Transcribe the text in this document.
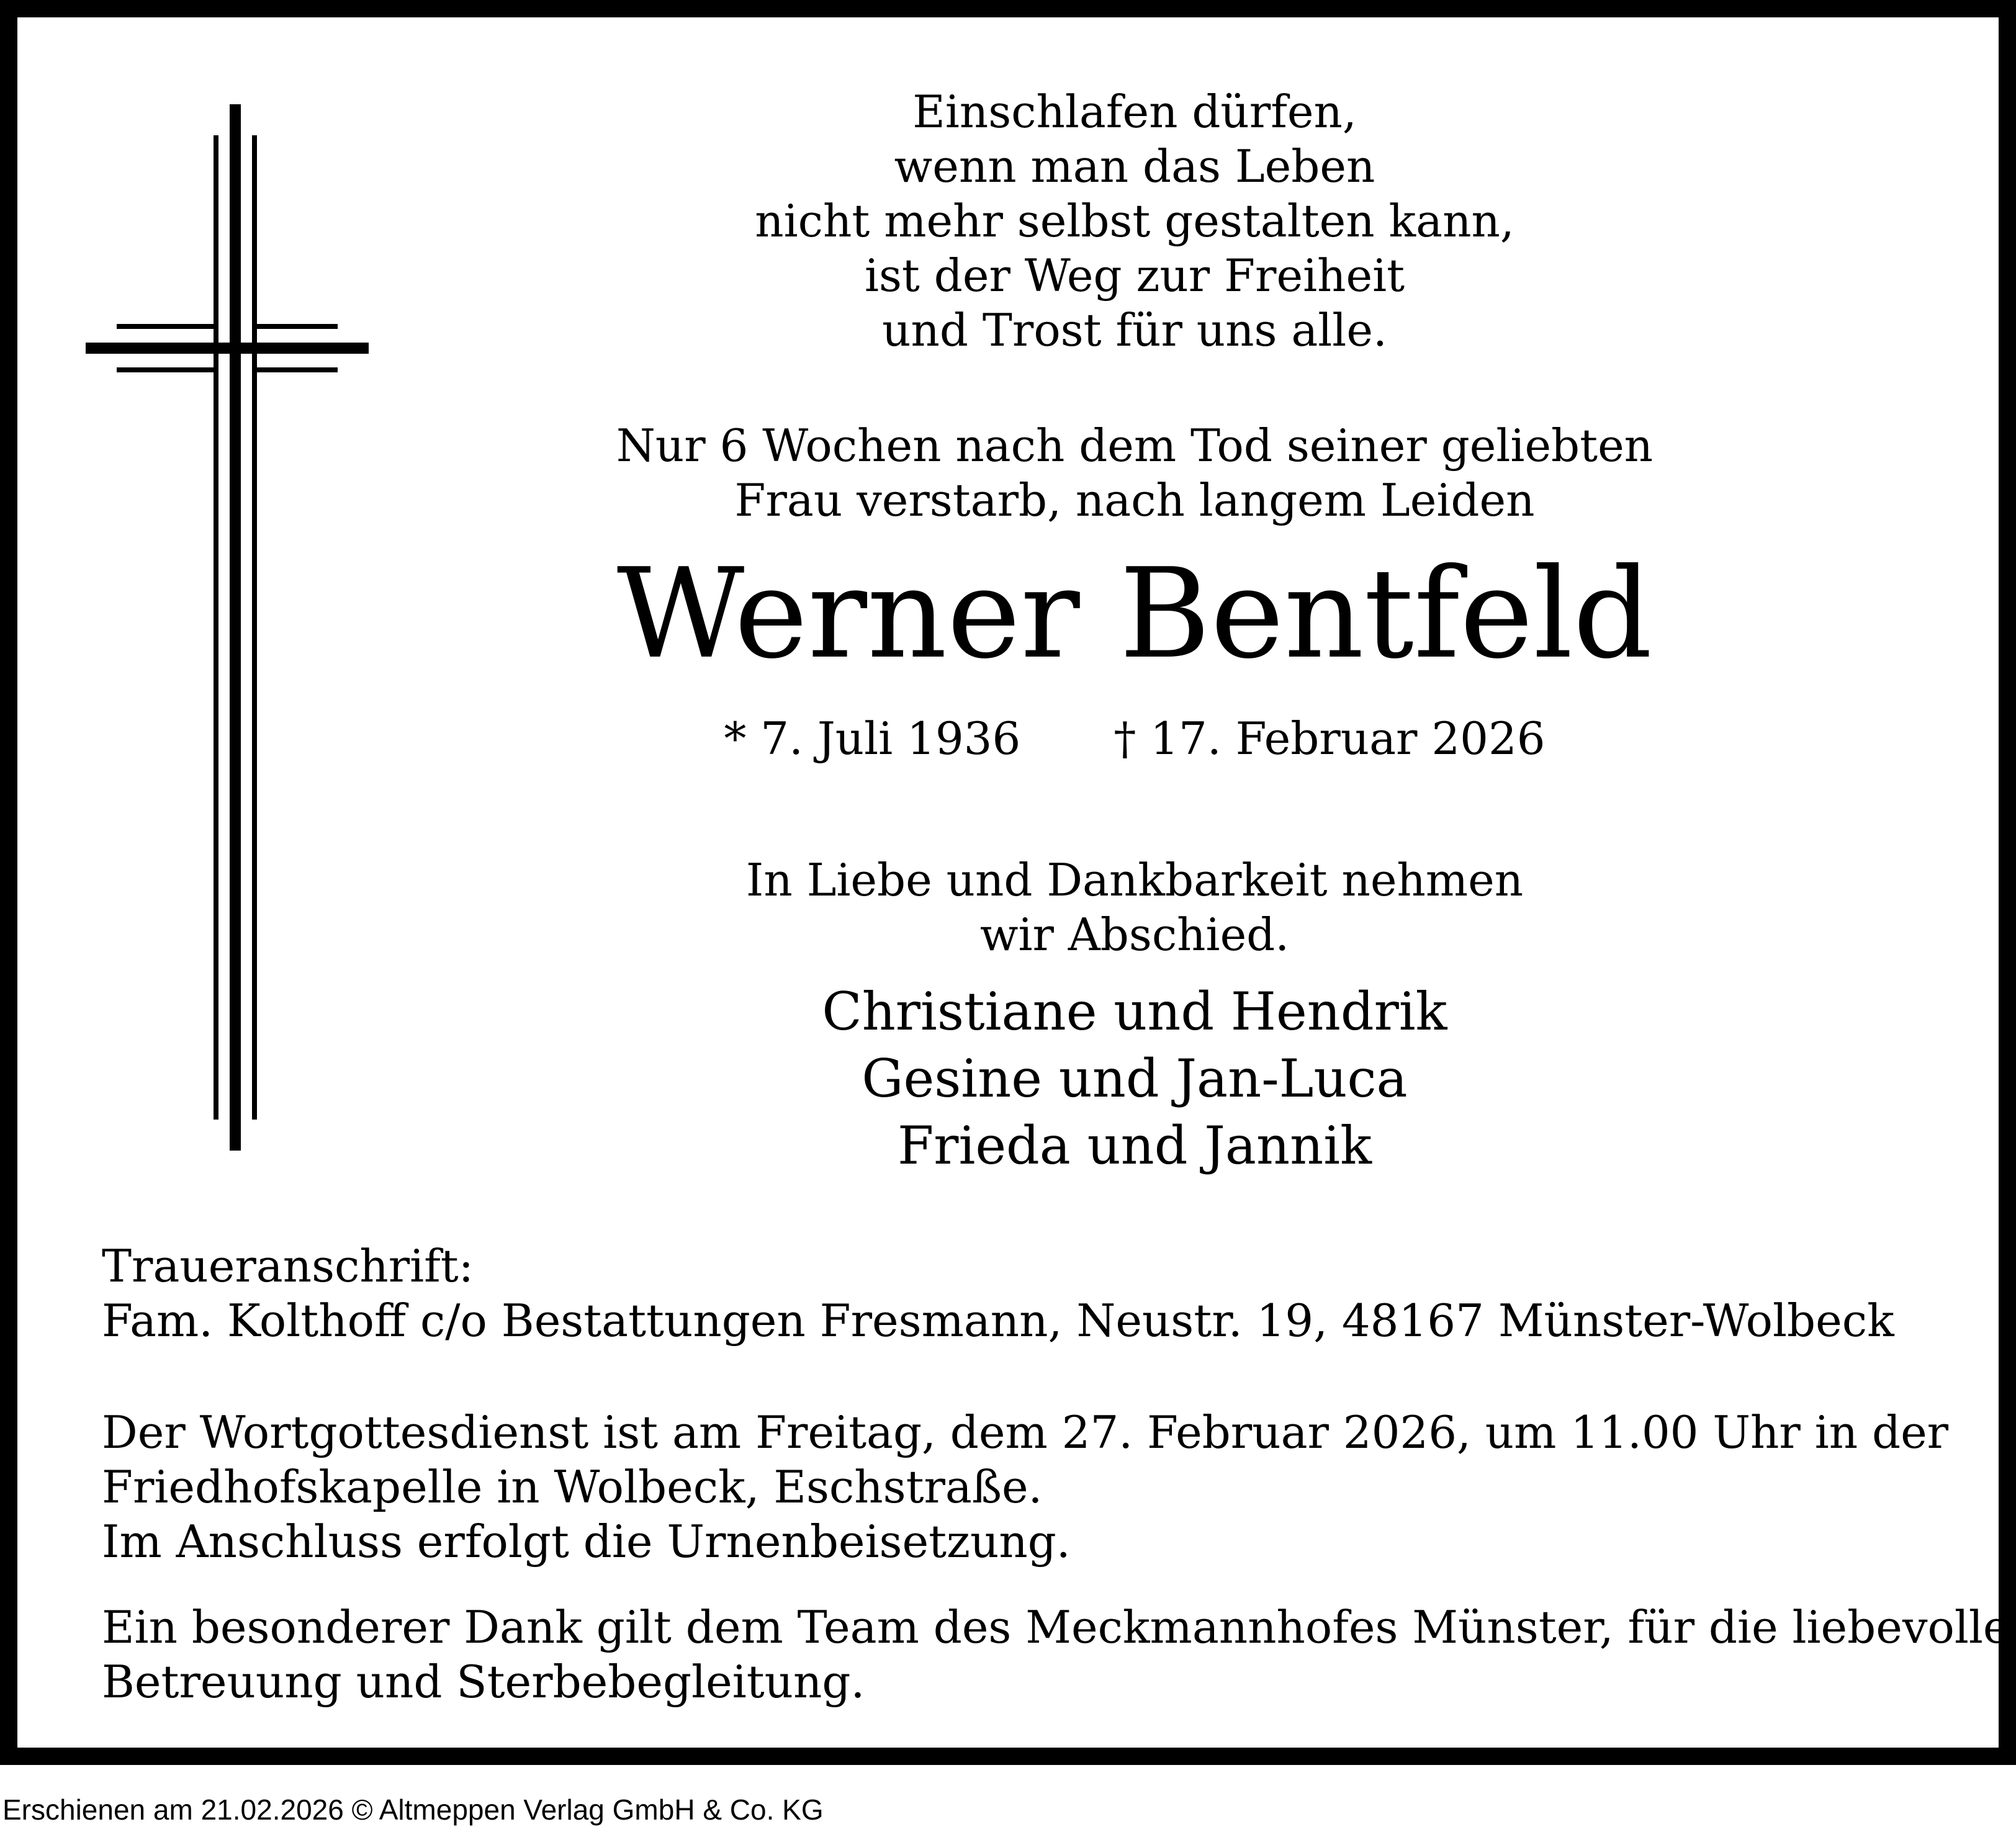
Einschlafen dürfen,
wenn man das Leben
nicht mehr selbst gestalten kann,
ist der Weg zur Freiheit
und Trost für uns alle.
Nur 6 Wochen nach dem Tod seiner geliebten
Frau verstarb, nach langem Leiden
Werner Bentfeld
* 7. Juli 1936 † 17. Februar 2026
In Liebe und Dankbarkeit nehmen
wir Abschied.
Christiane und Hendrik
Gesine und Jan-Luca
Frieda und Jannik
Traueranschrift:
Fam. Kolthoff c/o Bestattungen Fresmann, Neustr. 19, 48167 Münster-Wolbeck
Der Wortgottesdienst ist am Freitag, dem 27. Februar 2026, um 11.00 Uhr in der
Friedhofskapelle in Wolbeck, Eschstraße.
Im Anschluss erfolgt die Urnenbeisetzung.
Ein besonderer Dank gilt dem Team des Meckmannhofes Münster, für die liebevolle
Betreuung und Sterbebegleitung.
Erschienen am 21.02.2026 © Altmeppen Verlag GmbH & Co. KG
